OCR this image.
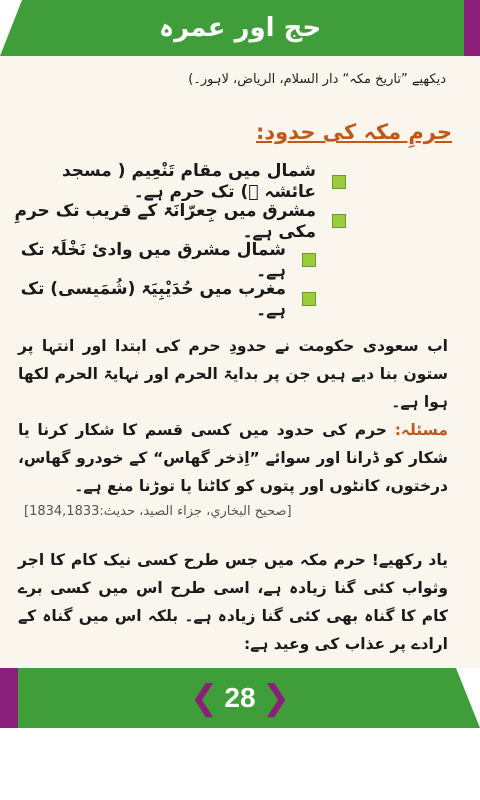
حج اور عمرہ
دیکھیے ”تاریخ مکہ“ دار السلام، الریاض، لاہور۔)
حرمِ مکہ کی حدود:
شمال میں مقام تَنْعِیم ( مسجد عائشہ ﷞) تک حرم ہے۔
مشرق میں جِعرّانَۃ کے قریب تک حرمِ مکی ہے۔
شمال مشرق میں وادیٔ نَخْلَۃ تک ہے۔
مغرب میں حُدَیْبِیَۃ (شُمَیسی) تک ہے۔
اب سعودی حکومت نے حدودِ حرم کی ابتدا اور انتہا پر ستون بنا دیے ہیں جن پر بدایۃ الحرم اور نہایۃ الحرم لکھا ہوا ہے۔
مسئلہ: حرم کی حدود میں کسی قسم کا شکار کرنا یا شکار کو ڈرانا اور سوائے ”اِذخر گھاس“ کے خودرو گھاس، درختوں، کانٹوں اور پتوں کو کاٹنا یا توڑنا منع ہے۔
[صحيح البخاري، جزاء الصيد، حديث:1834,1833]
یاد رکھیے! حرم مکہ میں جس طرح کسی نیک کام کا اجر وثواب کئی گنا زیادہ ہے، اسی طرح اس میں کسی برے کام کا گناہ بھی کئی گنا زیادہ ہے۔ بلکہ اس میں گناہ کے ارادے پر عذاب کی وعید ہے:
❮ 28 ❯
